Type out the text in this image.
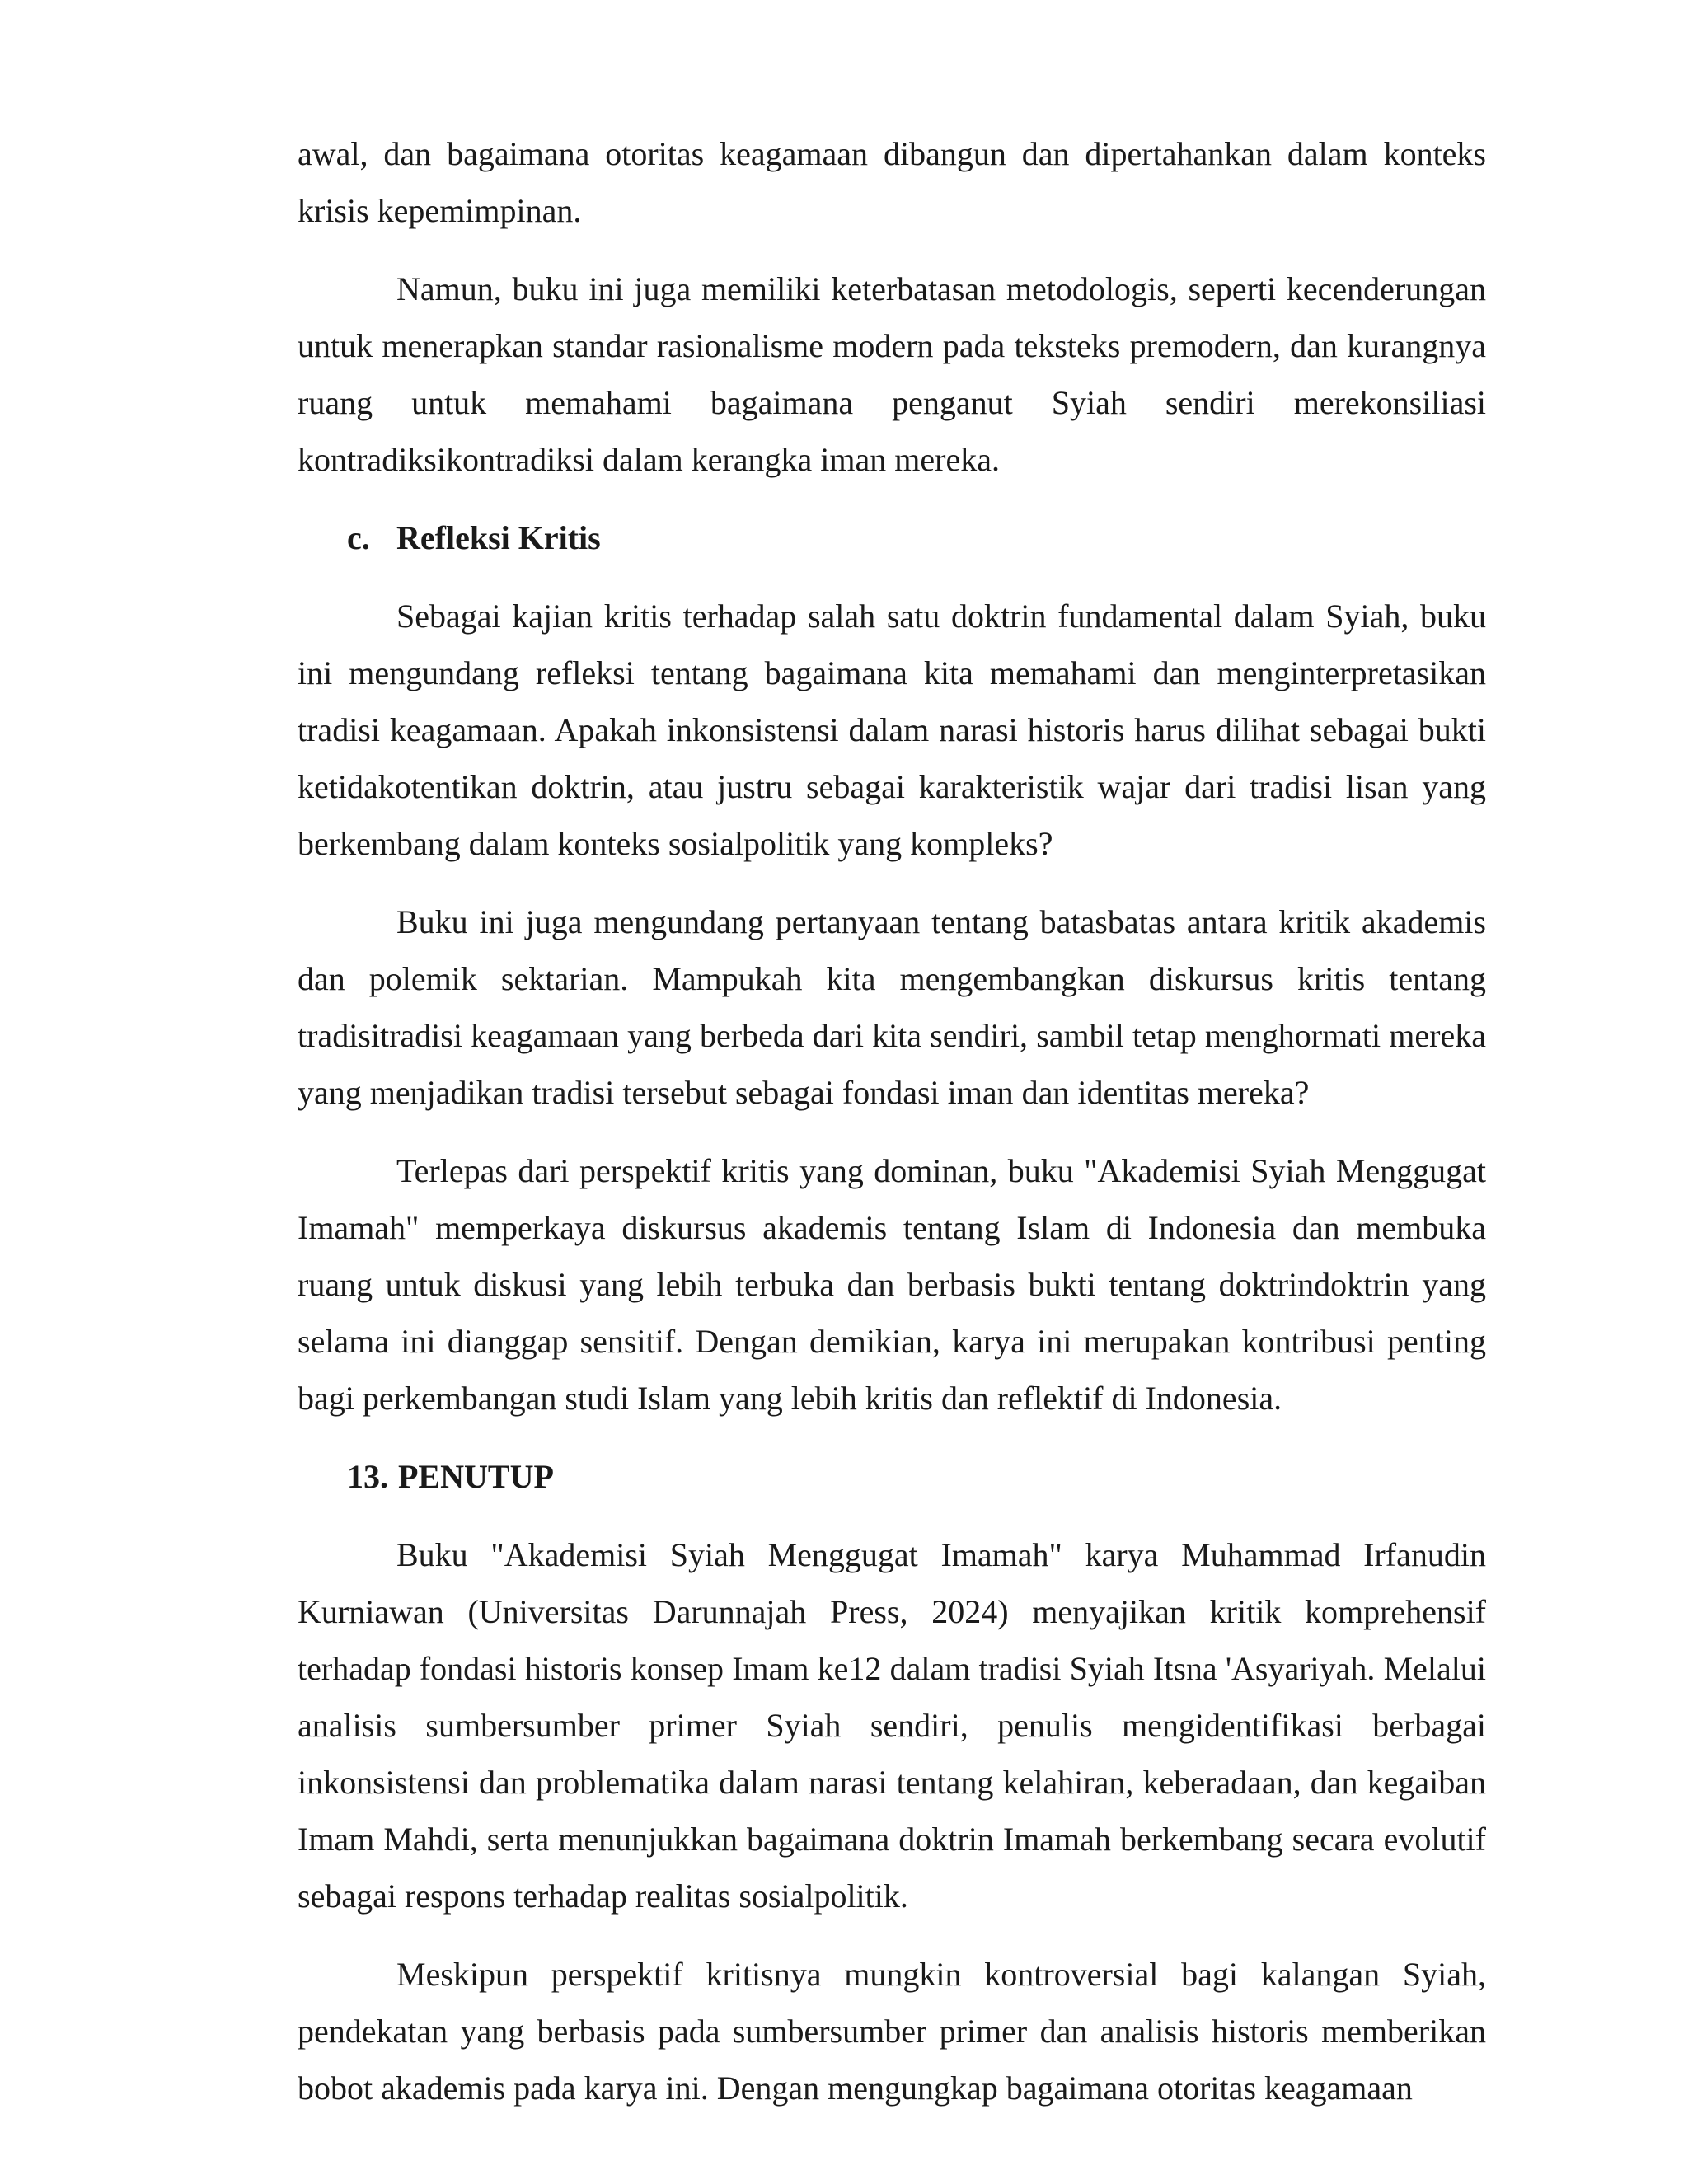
awal, dan bagaimana otoritas keagamaan dibangun dan dipertahankan dalam konteks krisis kepemimpinan.

Namun, buku ini juga memiliki keterbatasan metodologis, seperti kecenderungan untuk menerapkan standar rasionalisme modern pada teksteks premodern, dan kurangnya ruang untuk memahami bagaimana penganut Syiah sendiri merekonsiliasi kontradiksikontradiksi dalam kerangka iman mereka.

c. Refleksi Kritis

Sebagai kajian kritis terhadap salah satu doktrin fundamental dalam Syiah, buku ini mengundang refleksi tentang bagaimana kita memahami dan menginterpretasikan tradisi keagamaan. Apakah inkonsistensi dalam narasi historis harus dilihat sebagai bukti ketidakotentikan doktrin, atau justru sebagai karakteristik wajar dari tradisi lisan yang berkembang dalam konteks sosialpolitik yang kompleks?

Buku ini juga mengundang pertanyaan tentang batasbatas antara kritik akademis dan polemik sektarian. Mampukah kita mengembangkan diskursus kritis tentang tradisitradisi keagamaan yang berbeda dari kita sendiri, sambil tetap menghormati mereka yang menjadikan tradisi tersebut sebagai fondasi iman dan identitas mereka?

Terlepas dari perspektif kritis yang dominan, buku "Akademisi Syiah Menggugat Imamah" memperkaya diskursus akademis tentang Islam di Indonesia dan membuka ruang untuk diskusi yang lebih terbuka dan berbasis bukti tentang doktrindoktrin yang selama ini dianggap sensitif. Dengan demikian, karya ini merupakan kontribusi penting bagi perkembangan studi Islam yang lebih kritis dan reflektif di Indonesia.

13. PENUTUP

Buku "Akademisi Syiah Menggugat Imamah" karya Muhammad Irfanudin Kurniawan (Universitas Darunnajah Press, 2024) menyajikan kritik komprehensif terhadap fondasi historis konsep Imam ke12 dalam tradisi Syiah Itsna 'Asyariyah. Melalui analisis sumbersumber primer Syiah sendiri, penulis mengidentifikasi berbagai inkonsistensi dan problematika dalam narasi tentang kelahiran, keberadaan, dan kegaiban Imam Mahdi, serta menunjukkan bagaimana doktrin Imamah berkembang secara evolutif sebagai respons terhadap realitas sosialpolitik.

Meskipun perspektif kritisnya mungkin kontroversial bagi kalangan Syiah, pendekatan yang berbasis pada sumbersumber primer dan analisis historis memberikan bobot akademis pada karya ini. Dengan mengungkap bagaimana otoritas keagamaan
